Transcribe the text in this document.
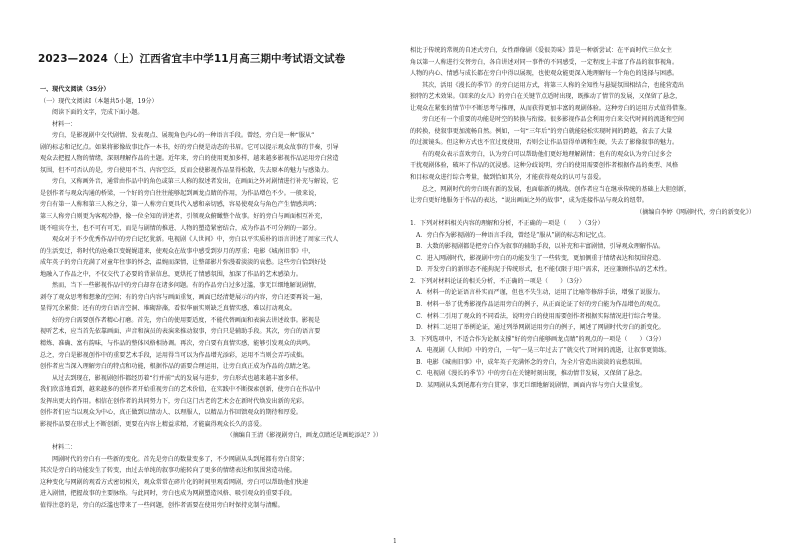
2023—2024（上）江西省宜丰中学11月高三期中考试语文试卷
一、现代文阅读（35分）
（一）现代文阅读Ⅰ（本题共5小题，19分）
阅读下面的文字，完成下面小题。
材料一：
旁白，是影视剧中交代剧情、发表观点、展现角色内心的一种语言手段。曾经，旁白是一种“服从”
剧的标志和记忆点。如果将影像故事比作一本书，好的旁白便是动态的书眉。它可以提示观众故事的节奏，引导
观众去把握人物的情绪，深刻理解作品的主题。近年来，旁白的使用更加多样，越来越多影视作品运用旁白营造
氛围，但不可否认的是，旁白使用不当、内容空泛，反而会使影视作品显得松散，失去原本的魅力与感染力。
旁白，又称画外音，通常由作品中的角色或第三人称的叙述者发出，在画面之外对剧情进行补充与解说，它
是创作者与观众沟通的桥梁，一个好的旁白往往能够起到画龙点睛的作用，为作品增色不少。一般来说，
旁白有第一人称和第三人称之分，第一人称旁白更具代入感和亲切感，容易使观众与角色产生情感共鸣；
第三人称旁白则更为客观冷静，像一位全知的讲述者，引领观众俯瞰整个故事。好的旁白与画面相互补充，
既不喧宾夺主，也不可有可无，而是与剧情的推进、人物的塑造紧密结合，成为作品不可分割的一部分。
观众对于不少优秀作品中的旁白记忆犹新。电视剧《人世间》中，旁白以平实质朴的语言讲述了周家三代人
的生活变迁，将时代的沧桑巨变娓娓道来，使观众在故事中感受到岁月的厚重；电影《城南旧事》中，
成年英子的旁白充满了对童年往事的怀念，温婉而深情，让整部影片弥漫着淡淡的哀愁。这些旁白恰到好处
地融入了作品之中，不仅交代了必要的背景信息，更烘托了情感氛围，加深了作品的艺术感染力。
然而，当下一些影视作品中的旁白却存在诸多问题。有的作品旁白过多过滥，事无巨细地解说剧情，
剥夺了观众思考和想象的空间；有的旁白内容与画面重复，画面已经清楚展示的内容，旁白还要再说一遍，
显得冗余累赘；还有的旁白语言空洞、堆砌辞藻，看似华丽实则缺乏真情实感，难以打动观众。
好的旁白需要创作者精心打磨。首先，旁白的使用要适度，不能代替画面和表演去讲述故事。影视是
视听艺术，应当首先依靠画面、声音和演员的表演来推动叙事，旁白只是辅助手段。其次，旁白的语言要
精炼、准确、富有韵味，与作品的整体风格相协调。再次，旁白要有真情实感，能够引发观众的共鸣。
总之，旁白是影视创作中的重要艺术手段，运用得当可以为作品增光添彩，运用不当则会弄巧成拙。
创作者应当深入理解旁白的特点和功能，根据作品的需要合理运用，让旁白真正成为作品的点睛之笔。
从过去到现在，影视剧创作都经历着“行并前”式的发展与进步，旁白形式也越来越丰富多样。
我们欣喜地看到，越来越多的创作者开始重视旁白的艺术价值，在实践中不断探索创新，使旁白在作品中
发挥出更大的作用。相信在创作者的共同努力下，旁白这门古老的艺术会在新时代焕发出新的光彩。
创作者们应当以观众为中心，真正做到以情动人、以理服人，以精品力作回馈观众的期待和厚爱。
影视作品要在形式上不断创新，更要在内容上精益求精，才能赢得观众长久的喜爱。
（摘编自王清《影视剧旁白，画龙点睛还是画蛇添足？》）
材料二：
网剧时代的旁白有一些新的变化。首先是旁白的数量变多了，不少网剧从头到尾都有旁白贯穿；
其次是旁白的功能发生了转变，由过去单纯的叙事功能转向了更多的情绪表达和氛围营造功能。
这种变化与网剧的观看方式密切相关，观众常常在碎片化的时间里观看网剧，旁白可以帮助他们快速
进入剧情，把握故事的主要脉络。与此同时，旁白也成为网剧塑造风格、吸引观众的重要手段。
值得注意的是，旁白的泛滥也带来了一些问题，创作者需要在使用旁白时保持克制与清醒。
相比于传统的常规的自述式旁白，女性群像剧《爱很美味》算是一种新尝试：在平面时代三位女主
角以第一人称进行交替旁白，各自讲述对同一事件的不同感受，一定程度上丰富了作品的叙事视角。
人物的内心、情感与成长都在旁白中得以展现，也使观众能更深入地理解每一个角色的选择与困惑。
其次，活用《漫长的季节》的旁白运用方式，将第三人称的全知性与悬疑氛围相结合，也能营造出
独特的艺术效果。《回来的女儿》的旁白在关键节点适时出现，既推动了情节的发展，又保留了悬念，
让观众在紧张的情节中不断思考与推理，从而获得更加丰富的观剧体验。这种旁白的运用方式值得借鉴。
旁白还有一个重要的功能是时空的转换与衔接。很多影视作品会利用旁白来交代时间的流逝和空间
的转换，使叙事更加流畅自然。例如，一句“三年后”的旁白就能轻松实现时间的跨越，省去了大量
的过渡镜头。但这种方式也不宜过度使用，否则会让作品显得单调和生硬，失去了影像叙事的魅力。
有的观众表示喜欢旁白，认为旁白可以帮助他们更好地理解剧情；也有的观众认为旁白过多会
干扰观剧体验，破坏了作品的沉浸感。这种分歧说明，旁白的使用需要创作者根据作品的类型、风格
和目标观众进行综合考量，做到恰如其分，才能获得观众的认可与喜爱。
总之，网剧时代的旁白既有新的发展，也面临新的挑战。创作者应当在继承传统的基础上大胆创新，
让旁白更好地服务于作品的表达，“说出画面之外的故事”，成为连接作品与观众的纽带。
（摘编自李婷《网剧时代，旁白的新变化》）
1．下列对材料相关内容的理解和分析，不正确的一项是（　　）（3分）
A．旁白作为影视剧的一种语言手段，曾经是“服从”剧的标志和记忆点。
B．大数的影视剧都是把旁白作为叙事的辅助手段，以补充和丰富剧情，引导观众理解作品。
C．进入网剧时代，影视剧中旁白的功能发生了一些转变，更加侧重于情绪表达和氛围营造。
D．开发旁白的新形态不能拘泥于传统形式，也不能仅限于用户需求，还应兼顾作品的艺术性。
2．下列对材料论证的相关分析，不正确的一项是（　　）（3分）
A．材料一的论证语言朴实而严谨，但也不失生动，运用了比喻等修辞手法，增强了说服力。
B．材料一举了优秀影视作品运用旁白的例子，从正面论证了好的旁白能为作品增色的观点。
C．材料二引用了观众的不同看法，说明旁白的使用需要创作者根据实际情况进行综合考量。
D．材料二运用了举例论证，通过列举网剧运用旁白的例子，阐述了网剧时代旁白的新变化。
3．下列选项中，不适合作为论据支撑“好的旁白能够画龙点睛”的观点的一项是（　　）（3分）
A．电视剧《人世间》中的旁白，一句“一晃三年过去了”就交代了时间的流逝，让叙事更简练。
B．电影《城南旧事》中，成年英子充满怀念的旁白，为全片营造出淡淡的哀愁氛围。
C．电视剧《漫长的季节》中的旁白在关键时刻出现，推动情节发展，又保留了悬念。
D．某网剧从头到尾都有旁白贯穿，事无巨细地解说剧情，画面内容与旁白大量重复。
1
